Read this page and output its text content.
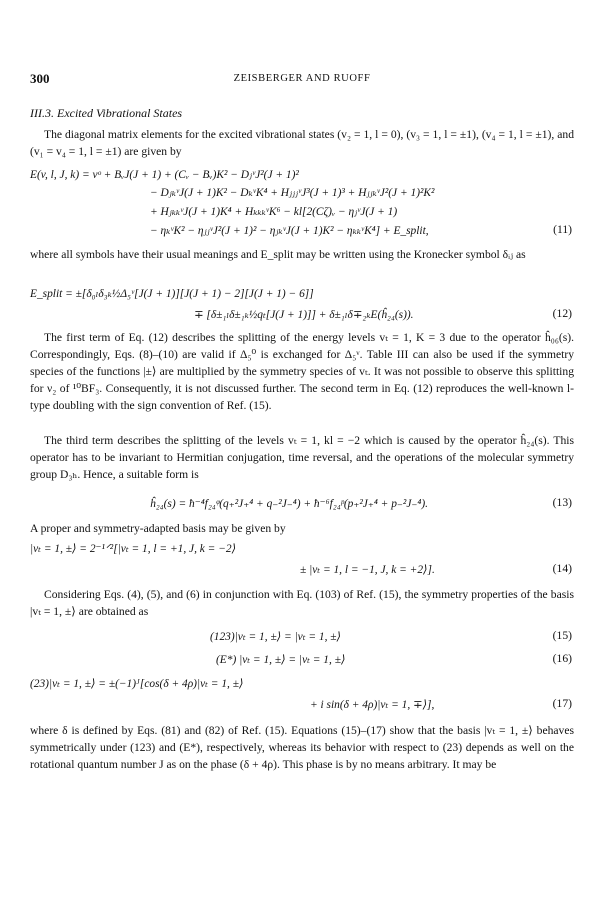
300	ZEISBERGER AND RUOFF
III.3. Excited Vibrational States
The diagonal matrix elements for the excited vibrational states (v₂ = 1, l = 0), (v₃ = 1, l = ±1), (v₄ = 1, l = ±1), and (v₁ = v₄ = 1, l = ±1) are given by
E(v, l, J, k) = vᵒ + BᵥJ(J + 1) + (Cᵥ − Bᵥ)K² − DⱼᵛJ²(J + 1)²
− DⱼₖᵛJ(J + 1)K² − DₖᵛK⁴ + HⱼⱼⱼᵛJ³(J + 1)³ + HⱼⱼₖᵛJ²(J + 1)²K²
+ HⱼₖₖᵛJ(J + 1)K⁴ + HₖₖₖᵛK⁶ − kl[2(Cζ)ᵥ − ηⱼᵛJ(J + 1)
− ηₖᵛK² − ηⱼⱼᵛJ²(J + 1)² − ηⱼₖᵛJ(J + 1)K² − ηₖₖᵛK⁴] + E_split,	(11)
where all symbols have their usual meanings and E_split may be written using the Kronecker symbol δᵢⱼ as
E_split = ±[δ₀ₗδ₃ₖ½Δ₅ᵛ[J(J + 1)][J(J + 1) − 2][J(J + 1) − 6]]
∓ [δ±₁ₗδ±₁ₖ½qₜ[J(J + 1)]] + δ±₁ₗδ∓₂ₖE(ĥ₂₄(s)).	(12)
The first term of Eq. (12) describes the splitting of the energy levels vₜ = 1, K = 3 due to the operator ĥ₀₆(s). Correspondingly, Eqs. (8)–(10) are valid if Δ₅⁰ is exchanged for Δ₅ᵛ. Table III can also be used if the symmetry species of the functions |±⟩ are multiplied by the symmetry species of vₜ. It was not possible to observe this splitting for ν₂ of ¹⁰BF₃. Consequently, it is not discussed further. The second term in Eq. (12) reproduces the well-known l-type doubling with the sign convention of Ref. (15).
The third term describes the splitting of the levels vₜ = 1, kl = −2 which is caused by the operator ĥ₂₄(s). This operator has to be invariant to Hermitian conjugation, time reversal, and the operations of the molecular symmetry group D₃ₕ. Hence, a suitable form is
ĥ₂₄(s) = ħ⁻⁴f₂₄ᵠ(q₊²J₊⁴ + q₋²J₋⁴) + ħ⁻⁶f₂₄ᵖ(p₊²J₊⁴ + p₋²J₋⁴).	(13)
A proper and symmetry-adapted basis may be given by
|vₜ = 1, ±⟩ = 2⁻¹ᐟ²[|vₜ = 1, l = +1, J, k = −2⟩
± |vₜ = 1, l = −1, J, k = +2⟩].	(14)
Considering Eqs. (4), (5), and (6) in conjunction with Eq. (103) of Ref. (15), the symmetry properties of the basis |vₜ = 1, ±⟩ are obtained as
(123)|vₜ = 1, ±⟩ = |vₜ = 1, ±⟩	(15)
(E*) |vₜ = 1, ±⟩ = |vₜ = 1, ±⟩	(16)
(23)|vₜ = 1, ±⟩ = ±(−1)ᴶ[cos(δ + 4ρ)|vₜ = 1, ±⟩
+ i sin(δ + 4ρ)|vₜ = 1, ∓⟩],	(17)
where δ is defined by Eqs. (81) and (82) of Ref. (15). Equations (15)–(17) show that the basis |vₜ = 1, ±⟩ behaves symmetrically under (123) and (E*), respectively, whereas its behavior with respect to (23) depends as well on the rotational quantum number J as on the phase (δ + 4ρ). This phase is by no means arbitrary. It may be
